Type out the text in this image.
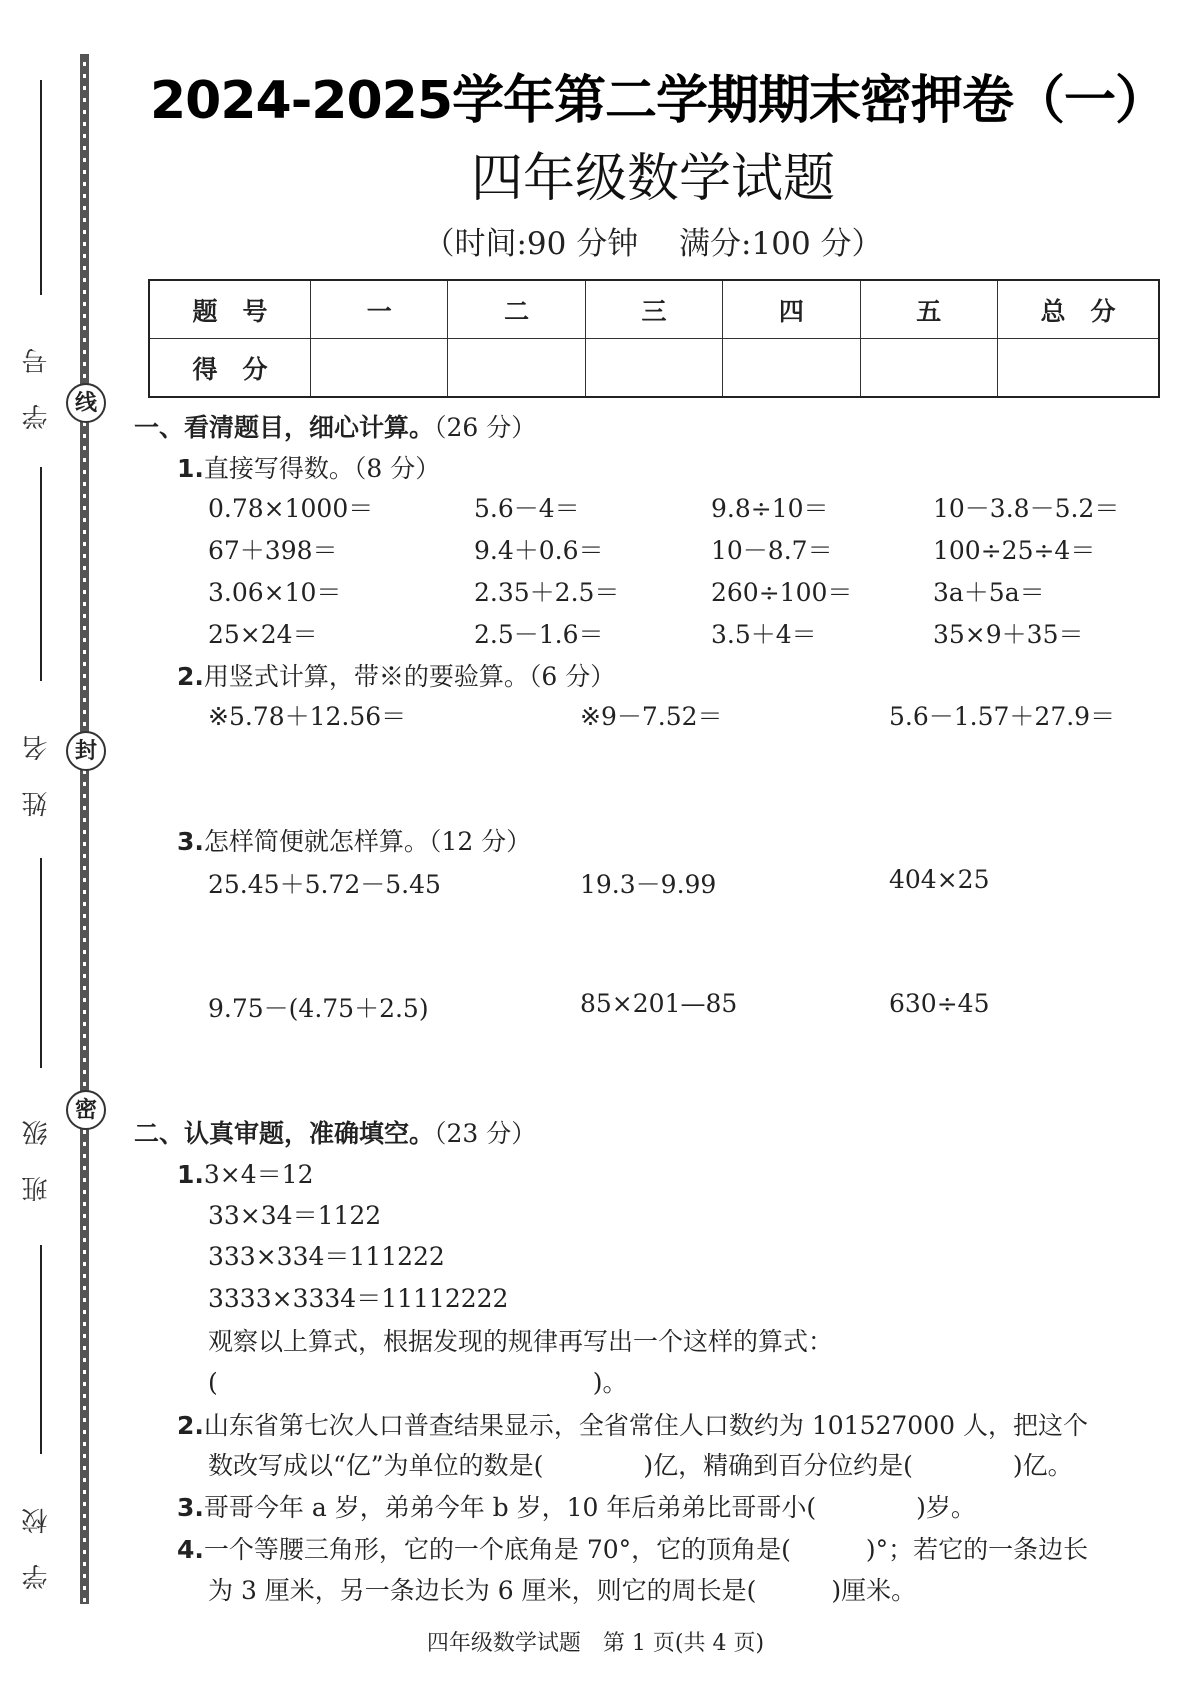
学号
姓名
班级
学校
线
封
密
2024-2025学年第二学期期末密押卷（一）
四年级数学试题
（时间:90 分钟　 满分:100 分）
题　号	一	二	三	四	五	总　分
得　分						
一、看清题目，细心计算。（26 分）
1.直接写得数。（8 分）
0.78×1000＝	5.6－4＝	9.8÷10＝	10－3.8－5.2＝
67＋398＝	9.4＋0.6＝	10－8.7＝	100÷25÷4＝
3.06×10＝	2.35＋2.5＝	260÷100＝	3a＋5a＝
25×24＝	2.5－1.6＝	3.5＋4＝	35×9＋35＝
2.用竖式计算，带※的要验算。（6 分）
※5.78＋12.56＝	※9－7.52＝	5.6－1.57＋27.9＝
3.怎样简便就怎样算。（12 分）
25.45＋5.72－5.45	19.3－9.99	404×25
9.75－(4.75＋2.5)	85×201—85	630÷45
二、认真审题，准确填空。（23 分）
1.3×4＝12
33×34＝1122
333×334＝111222
3333×3334＝11112222
观察以上算式，根据发现的规律再写出一个这样的算式：
(　　　　　　　　　　　　　　　)。
2.山东省第七次人口普查结果显示，全省常住人口数约为 101527000 人，把这个
数改写成以“亿”为单位的数是(　　　　)亿，精确到百分位约是(　　　　)亿。
3.哥哥今年 a 岁，弟弟今年 b 岁，10 年后弟弟比哥哥小(　　　　)岁。
4.一个等腰三角形，它的一个底角是 70°，它的顶角是(　　　)°；若它的一条边长
为 3 厘米，另一条边长为 6 厘米，则它的周长是(　　　)厘米。
四年级数学试题　第 1 页(共 4 页)
